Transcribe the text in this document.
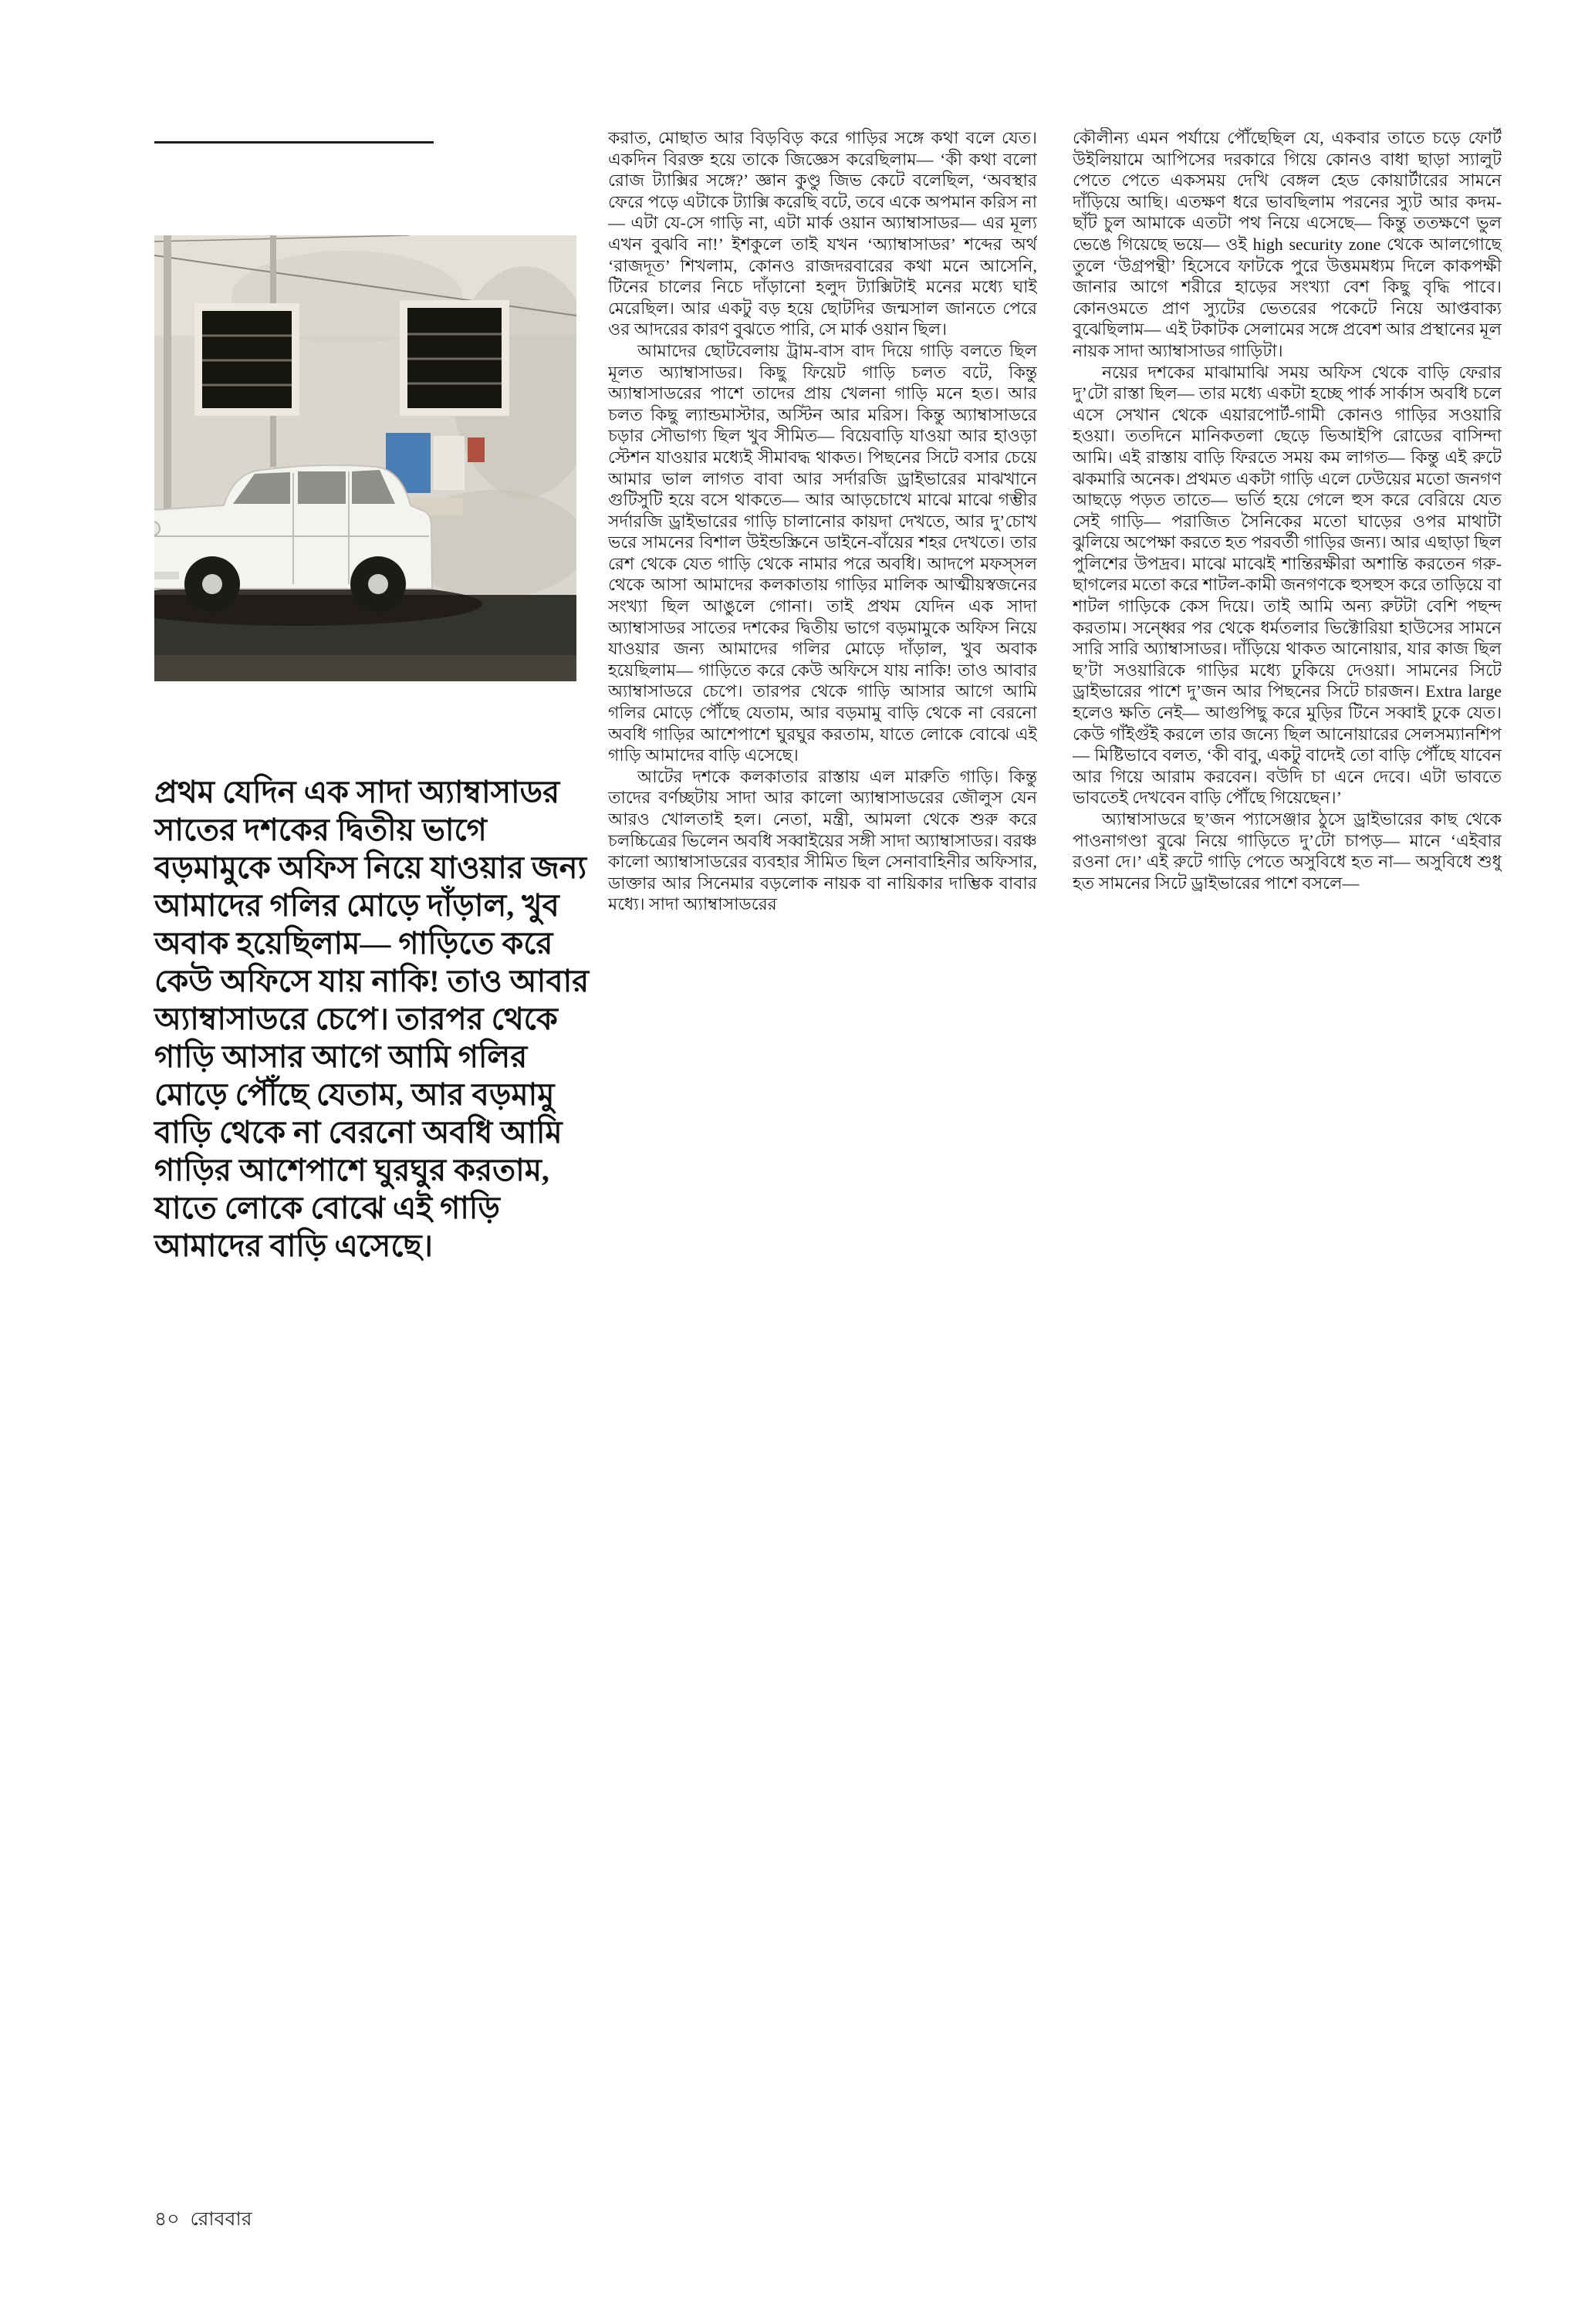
প্রথম যেদিন এক সাদা অ্যাম্বাসাডর সাতের দশকের দ্বিতীয় ভাগে বড়মামুকে অফিস নিয়ে যাওয়ার জন্য আমাদের গলির মোড়ে দাঁড়াল, খুব অবাক হয়েছিলাম— গাড়িতে করে কেউ অফিসে যায় নাকি! তাও আবার অ্যাম্বাসাডরে চেপে। তারপর থেকে গাড়ি আসার আগে আমি গলির মোড়ে পৌঁছে যেতাম, আর বড়মামু বাড়ি থেকে না বেরনো অবধি আমি গাড়ির আশেপাশে ঘুরঘুর করতাম, যাতে লোকে বোঝে এই গাড়ি আমাদের বাড়ি এসেছে।

করাত, মোছাত আর বিড়বিড় করে গাড়ির সঙ্গে কথা বলে যেত। একদিন বিরক্ত হয়ে তাকে জিজ্ঞেস করেছিলাম— ‘কী কথা বলো রোজ ট্যাক্সির সঙ্গে?’ জ্ঞান কুণ্ডু জিভ কেটে বলেছিল, ‘অবস্থার ফেরে পড়ে এটাকে ট্যাক্সি করেছি বটে, তবে একে অপমান করিস না— এটা যে-সে গাড়ি না, এটা মার্ক ওয়ান অ্যাম্বাসাডর— এর মূল্য এখন বুঝবি না!’ ইশকুলে তাই যখন ‘অ্যাম্বাসাডর’ শব্দের অর্থ ‘রাজদূত’ শিখলাম, কোনও রাজদরবারের কথা মনে আসেনি, টিনের চালের নিচে দাঁড়ানো হলুদ ট্যাক্সিটাই মনের মধ্যে ঘাই মেরেছিল। আর একটু বড় হয়ে ছোটদির জন্মসাল জানতে পেরে ওর আদরের কারণ বুঝতে পারি, সে মার্ক ওয়ান ছিল।

আমাদের ছোটবেলায় ট্রাম-বাস বাদ দিয়ে গাড়ি বলতে ছিল মূলত অ্যাম্বাসাডর। কিছু ফিয়েট গাড়ি চলত বটে, কিন্তু অ্যাম্বাসাডরের পাশে তাদের প্রায় খেলনা গাড়ি মনে হত। আর চলত কিছু ল্যান্ডমাস্টার, অস্টিন আর মরিস। কিন্তু অ্যাম্বাসাডরে চড়ার সৌভাগ্য ছিল খুব সীমিত— বিয়েবাড়ি যাওয়া আর হাওড়া স্টেশন যাওয়ার মধ্যেই সীমাবদ্ধ থাকত। পিছনের সিটে বসার চেয়ে আমার ভাল লাগত বাবা আর সর্দারজি ড্রাইভারের মাঝখানে গুটিসুটি হয়ে বসে থাকতে— আর আড়চোখে মাঝে মাঝে গম্ভীর সর্দারজি ড্রাইভারের গাড়ি চালানোর কায়দা দেখতে, আর দু’চোখ ভরে সামনের বিশাল উইন্ডস্ক্রিনে ডাইনে-বাঁয়ের শহর দেখতে। তার রেশ থেকে যেত গাড়ি থেকে নামার পরে অবধি। আদপে মফস্সল থেকে আসা আমাদের কলকাতায় গাড়ির মালিক আত্মীয়স্বজনের সংখ্যা ছিল আঙুলে গোনা। তাই প্রথম যেদিন এক সাদা অ্যাম্বাসাডর সাতের দশকের দ্বিতীয় ভাগে বড়মামুকে অফিস নিয়ে যাওয়ার জন্য আমাদের গলির মোড়ে দাঁড়াল, খুব অবাক হয়েছিলাম— গাড়িতে করে কেউ অফিসে যায় নাকি! তাও আবার অ্যাম্বাসাডরে চেপে। তারপর থেকে গাড়ি আসার আগে আমি গলির মোড়ে পৌঁছে যেতাম, আর বড়মামু বাড়ি থেকে না বেরনো অবধি গাড়ির আশেপাশে ঘুরঘুর করতাম, যাতে লোকে বোঝে এই গাড়ি আমাদের বাড়ি এসেছে।

আটের দশকে কলকাতার রাস্তায় এল মারুতি গাড়ি। কিন্তু তাদের বর্ণচ্ছটায় সাদা আর কালো অ্যাম্বাসাডরের জৌলুস যেন আরও খোলতাই হল। নেতা, মন্ত্রী, আমলা থেকে শুরু করে চলচ্চিত্রের ভিলেন অবধি সব্বাইয়ের সঙ্গী সাদা অ্যাম্বাসাডর। বরঞ্চ কালো অ্যাম্বাসাডরের ব্যবহার সীমিত ছিল সেনাবাহিনীর অফিসার, ডাক্তার আর সিনেমার বড়লোক নায়ক বা নায়িকার দাম্ভিক বাবার মধ্যে। সাদা অ্যাম্বাসাডরের

কৌলীন্য এমন পর্যায়ে পৌঁছেছিল যে, একবার তাতে চড়ে ফোর্ট উইলিয়ামে আপিসের দরকারে গিয়ে কোনও বাধা ছাড়া স্যালুট পেতে পেতে একসময় দেখি বেঙ্গল হেড কোয়ার্টারের সামনে দাঁড়িয়ে আছি। এতক্ষণ ধরে ভাবছিলাম পরনের স্যুট আর কদম-ছাঁট চুল আমাকে এতটা পথ নিয়ে এসেছে— কিন্তু ততক্ষণে ভুল ভেঙে গিয়েছে ভয়ে— ওই high security zone থেকে আলগোছে তুলে ‘উগ্রপন্থী’ হিসেবে ফাটকে পুরে উত্তমমধ্যম দিলে কাকপক্ষী জানার আগে শরীরে হাড়ের সংখ্যা বেশ কিছু বৃদ্ধি পাবে। কোনওমতে প্রাণ স্যুটের ভেতরের পকেটে নিয়ে আপ্তবাক্য বুঝেছিলাম— এই টকাটক সেলামের সঙ্গে প্রবেশ আর প্রস্থানের মূল নায়ক সাদা অ্যাম্বাসাডর গাড়িটা।

নয়ের দশকের মাঝামাঝি সময় অফিস থেকে বাড়ি ফেরার দু’টো রাস্তা ছিল— তার মধ্যে একটা হচ্ছে পার্ক সার্কাস অবধি চলে এসে সেখান থেকে এয়ারপোর্ট-গামী কোনও গাড়ির সওয়ারি হওয়া। ততদিনে মানিকতলা ছেড়ে ভিআইপি রোডের বাসিন্দা আমি। এই রাস্তায় বাড়ি ফিরতে সময় কম লাগত— কিন্তু এই রুটে ঝকমারি অনেক। প্রথমত একটা গাড়ি এলে ঢেউয়ের মতো জনগণ আছড়ে পড়ত তাতে— ভর্তি হয়ে গেলে হুস করে বেরিয়ে যেত সেই গাড়ি— পরাজিত সৈনিকের মতো ঘাড়ের ওপর মাথাটা ঝুলিয়ে অপেক্ষা করতে হত পরবর্তী গাড়ির জন্য। আর এছাড়া ছিল পুলিশের উপদ্রব। মাঝে মাঝেই শান্তিরক্ষীরা অশান্তি করতেন গরু-ছাগলের মতো করে শাটল-কামী জনগণকে হুসহুস করে তাড়িয়ে বা শাটল গাড়িকে কেস দিয়ে। তাই আমি অন্য রুটটা বেশি পছন্দ করতাম। সন্ধ্বের পর থেকে ধর্মতলার ভিক্টোরিয়া হাউসের সামনে সারি সারি অ্যাম্বাসাডর। দাঁড়িয়ে থাকত আনোয়ার, যার কাজ ছিল ছ’টা সওয়ারিকে গাড়ির মধ্যে ঢুকিয়ে দেওয়া। সামনের সিটে ড্রাইভারের পাশে দু’জন আর পিছনের সিটে চারজন। Extra large হলেও ক্ষতি নেই— আগুপিছু করে মুড়ির টিনে সব্বাই ঢুকে যেত। কেউ গাঁইগুঁই করলে তার জন্যে ছিল আনোয়ারের সেলসম্যানশিপ— মিষ্টিভাবে বলত, ‘কী বাবু, একটু বাদেই তো বাড়ি পৌঁছে যাবেন আর গিয়ে আরাম করবেন। বউদি চা এনে দেবে। এটা ভাবতে ভাবতেই দেখবেন বাড়ি পৌঁছে গিয়েছেন।’

অ্যাম্বাসাডরে ছ’জন প্যাসেঞ্জার ঠুসে ড্রাইভারের কাছ থেকে পাওনাগণ্ডা বুঝে নিয়ে গাড়িতে দু’টো চাপড়— মানে ‘এইবার রওনা দে।’ এই রুটে গাড়ি পেতে অসুবিধে হত না— অসুবিধে শুধু হত সামনের সিটে ড্রাইভারের পাশে বসলে—

৪০ রোববার
